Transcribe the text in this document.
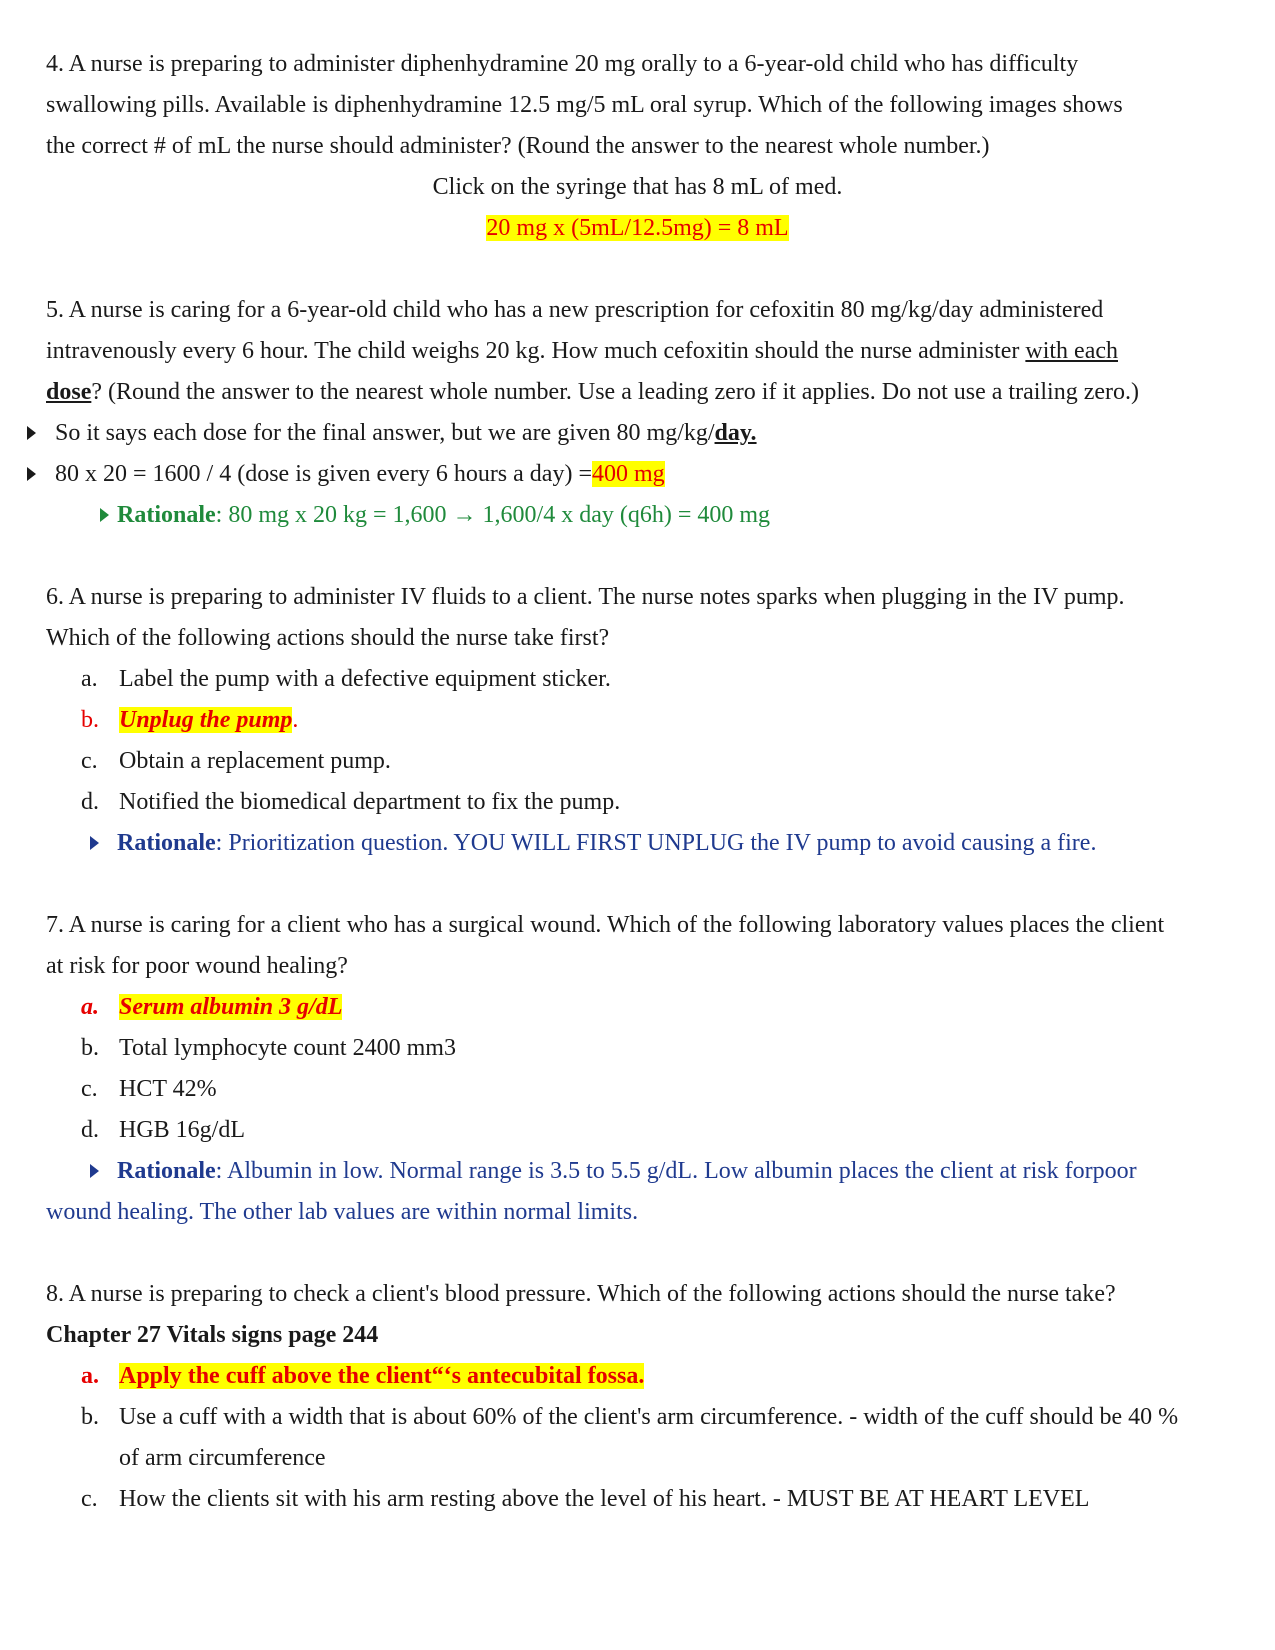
4. A nurse is preparing to administer diphenhydramine 20 mg orally to a 6-year-old child who has difficulty
swallowing pills. Available is diphenhydramine 12.5 mg/5 mL oral syrup. Which of the following images shows
the correct # of mL the nurse should administer? (Round the answer to the nearest whole number.)
Click on the syringe that has 8 mL of med.
20 mg x (5mL/12.5mg) = 8 mL
5. A nurse is caring for a 6-year-old child who has a new prescription for cefoxitin 80 mg/kg/day administered
intravenously every 6 hour. The child weighs 20 kg. How much cefoxitin should the nurse administer with each
dose? (Round the answer to the nearest whole number. Use a leading zero if it applies. Do not use a trailing zero.)
So it says each dose for the final answer, but we are given 80 mg/kg/day.
80 x 20 = 1600 / 4 (dose is given every 6 hours a day) =400 mg
Rationale: 80 mg x 20 kg = 1,600 → 1,600/4 x day (q6h) = 400 mg
6. A nurse is preparing to administer IV fluids to a client. The nurse notes sparks when plugging in the IV pump.
Which of the following actions should the nurse take first?
a. Label the pump with a defective equipment sticker.
b. Unplug the pump.
c. Obtain a replacement pump.
d. Notified the biomedical department to fix the pump.
Rationale: Prioritization question. YOU WILL FIRST UNPLUG the IV pump to avoid causing a fire.
7. A nurse is caring for a client who has a surgical wound. Which of the following laboratory values places the client
at risk for poor wound healing?
a. Serum albumin 3 g/dL
b. Total lymphocyte count 2400 mm3
c. HCT 42%
d. HGB 16g/dL
Rationale: Albumin in low. Normal range is 3.5 to 5.5 g/dL. Low albumin places the client at risk forpoor
wound healing. The other lab values are within normal limits.
8. A nurse is preparing to check a client's blood pressure. Which of the following actions should the nurse take?
Chapter 27 Vitals signs page 244
a. Apply the cuff above the client“‘s antecubital fossa.
b. Use a cuff with a width that is about 60% of the client's arm circumference. - width of the cuff should be 40 %
of arm circumference
c. How the clients sit with his arm resting above the level of his heart. - MUST BE AT HEART LEVEL
